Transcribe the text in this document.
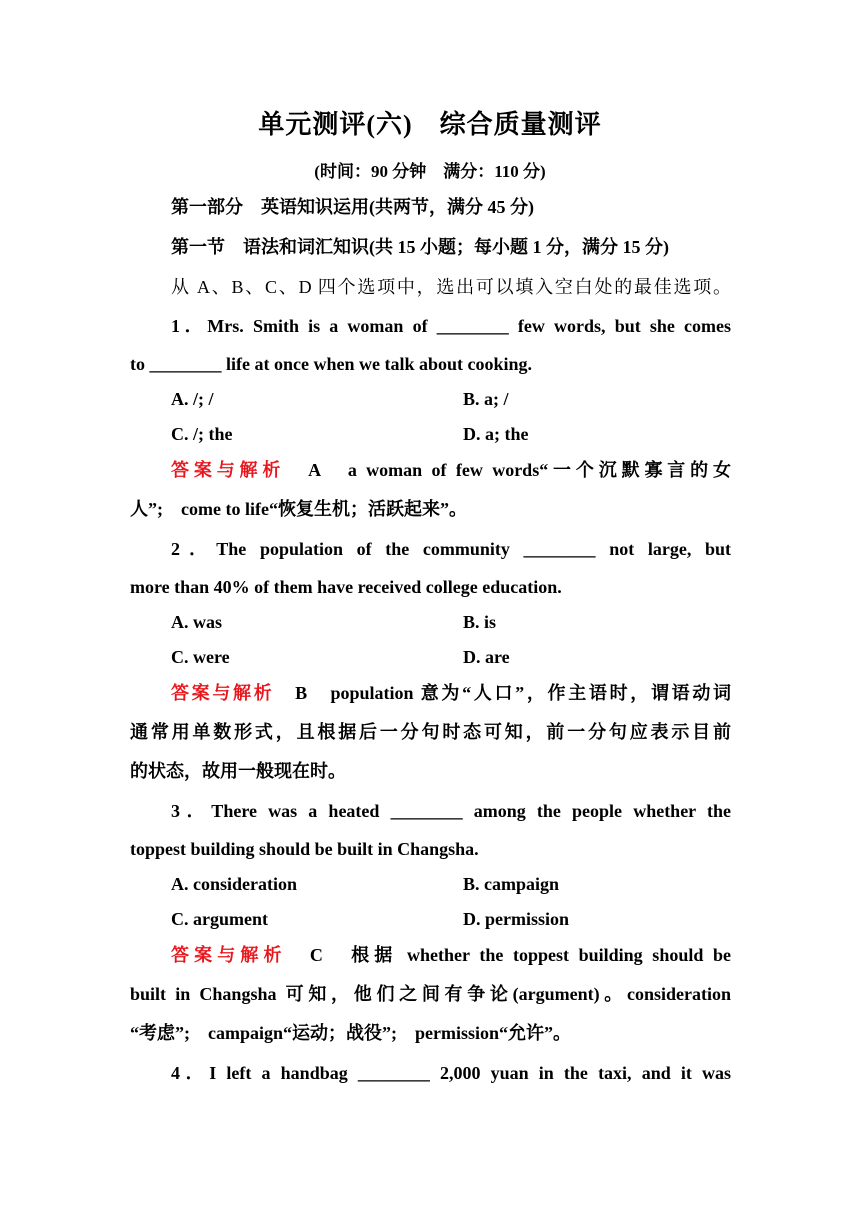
单元测评(六)　综合质量测评
(时间：90 分钟　满分：110 分)
第一部分　英语知识运用(共两节，满分 45 分)
第一节　语法和词汇知识(共 15 小题；每小题 1 分，满分 15 分)
从 A、B、C、D 四个选项中，选出可以填入空白处的最佳选项。
1．Mrs. Smith is a woman of ________ few words, but she comes
to ________ life at once when we talk about cooking.
A. /; /	B. a; /
C. /; the	D. a; the
答案与解析　 A　a woman of few words“一个沉默寡言的女
人”;　come to life“恢复生机；活跃起来”。
2．The population of the community ________ not large, but
more than 40% of them have received college education.
A. was	B. is
C. were	D. are
答案与解析　 B　population 意为“人口”，作主语时，谓语动词
通常用单数形式，且根据后一分句时态可知，前一分句应表示目前
的状态，故用一般现在时。
3．There was a heated ________ among the people whether the
toppest building should be built in Changsha.
A. consideration	B. campaign
C. argument	D. permission
答案与解析　 C　根据 whether the toppest building should be
built in Changsha 可知，他们之间有争论(argument)。consideration
“考虑”;　campaign“运动；战役”;　permission“允许”。
4．I left a handbag ________ 2,000 yuan in the taxi, and it was
